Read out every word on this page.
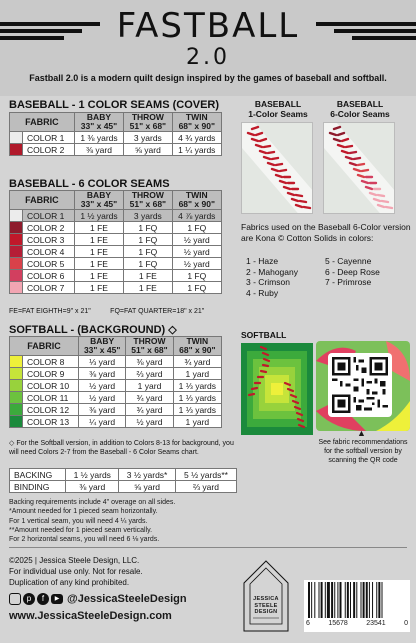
FASTBALL
2.0
Fastball 2.0 is a modern quilt design inspired by the games of baseball and softball.
BASEBALL - 1 COLOR SEAMS (COVER)
FABRIC		BABY
33" x 45"	THROW
51" x 68"	TWIN
68" x 90"
	COLOR 1	1 ⅜ yards	3 yards	4 ¾ yards
	COLOR 2	⅜ yard	⅝ yard	1 ¼ yards
BASEBALL - 6 COLOR SEAMS
FABRIC		BABY
33" x 45"	THROW
51" x 68"	TWIN
68" x 90"
	COLOR 1	1 ½ yards	3 yards	4 ⅞ yards
	COLOR 2	1 FE	1 FQ	1 FQ
	COLOR 3	1 FE	1 FQ	½ yard
	COLOR 4	1 FE	1 FQ	½ yard
	COLOR 5	1 FE	1 FQ	½ yard
	COLOR 6	1 FE	1 FE	1 FQ
	COLOR 7	1 FE	1 FE	1 FQ
FE=FAT EIGHTH=9" x 21"          FQ=FAT QUARTER=18" x 21"
SOFTBALL - (BACKGROUND) ◇
FABRIC		BABY
33" x 45"	THROW
51" x 68"	TWIN
68" x 90"
	COLOR 8	⅓ yard	⅜ yard	¾ yard
	COLOR 9	⅜ yard	⅔ yard	1 yard
	COLOR 10	½ yard	1 yard	1 ⅓ yards
	COLOR 11	½ yard	¾ yard	1 ⅓ yards
	COLOR 12	⅜ yard	¾ yard	1 ⅓ yards
	COLOR 13	¼ yard	½ yard	1 yard
◇ For the Softball version, in addition to Colors 8-13 for background, you will need Colors 2-7 from the Baseball - 6 Color Seams chart.
BACKING	1 ½ yards	3 ½ yards*	5 ½ yards**
BINDING	⅜ yard	⅝ yard	⅔ yard
Backing requirements include 4" overage on all sides.
*Amount needed for 1 pieced seam horizontally.
For 1 vertical seam, you will need 4 ¼ yards.
**Amount needed for 1 pieced seam vertically.
For 2 horizontal seams, you will need 6 ⅛ yards.
BASEBALL
1-Color Seams
BASEBALL
6-Color Seams
Fabrics used on the Baseball 6-Color version are Kona © Cotton Solids in colors:
1 - Haze
2 - Mahogany
3 - Crimson
4 - Ruby
5 - Cayenne
6 - Deep Rose
7 - Primrose
SOFTBALL
▲
See fabric recommendations for the softball version by scanning the QR code
©2025 | Jessica Steele Design, LLC.
For individual use only. Not for resale.
Duplication of any kind prohibited.
p	f	▶ @JessicaSteeleDesign
www.JessicaSteeleDesign.com
JESSICA STEELE DESIGN
6	15678	23541	0
